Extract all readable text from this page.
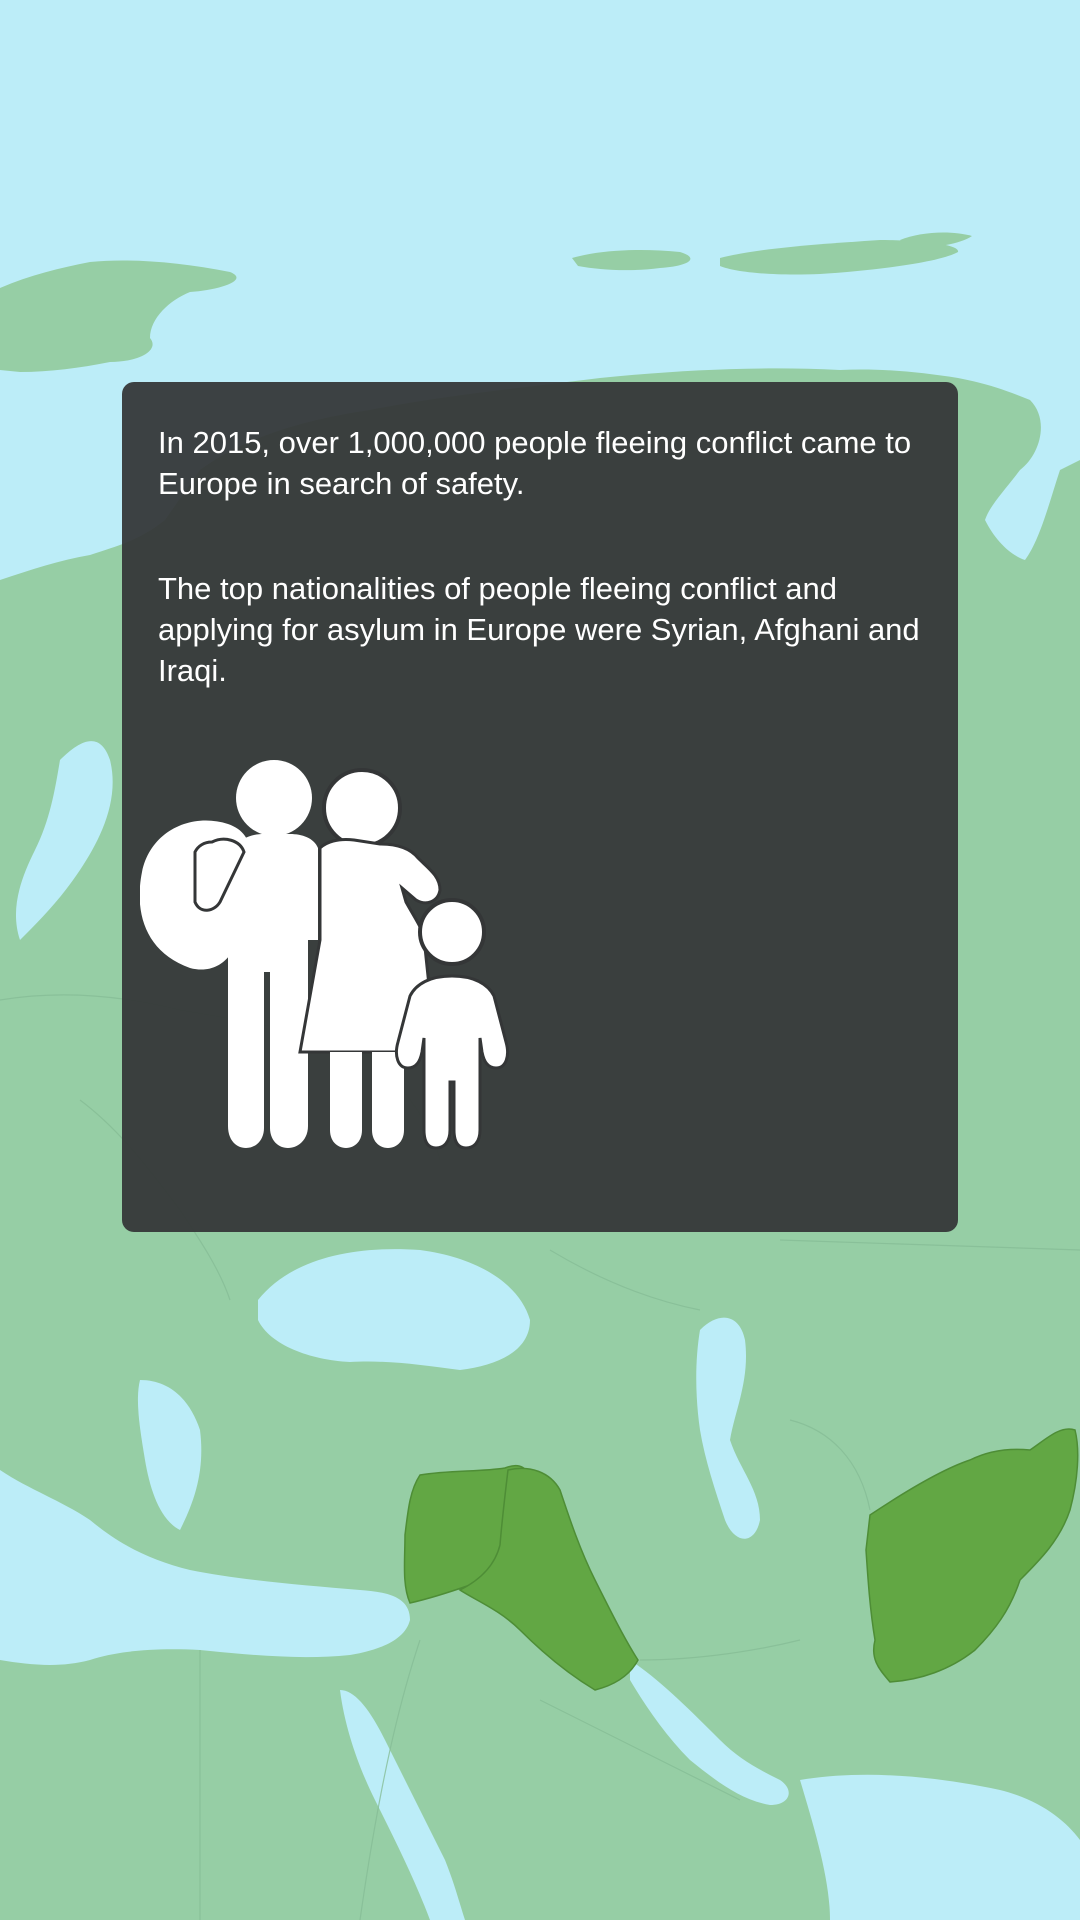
In 2015, over 1,000,000 people fleeing conflict came to Europe in search of safety.

The top nationalities of people fleeing conflict and applying for asylum in Europe were Syrian, Afghani and Iraqi.
